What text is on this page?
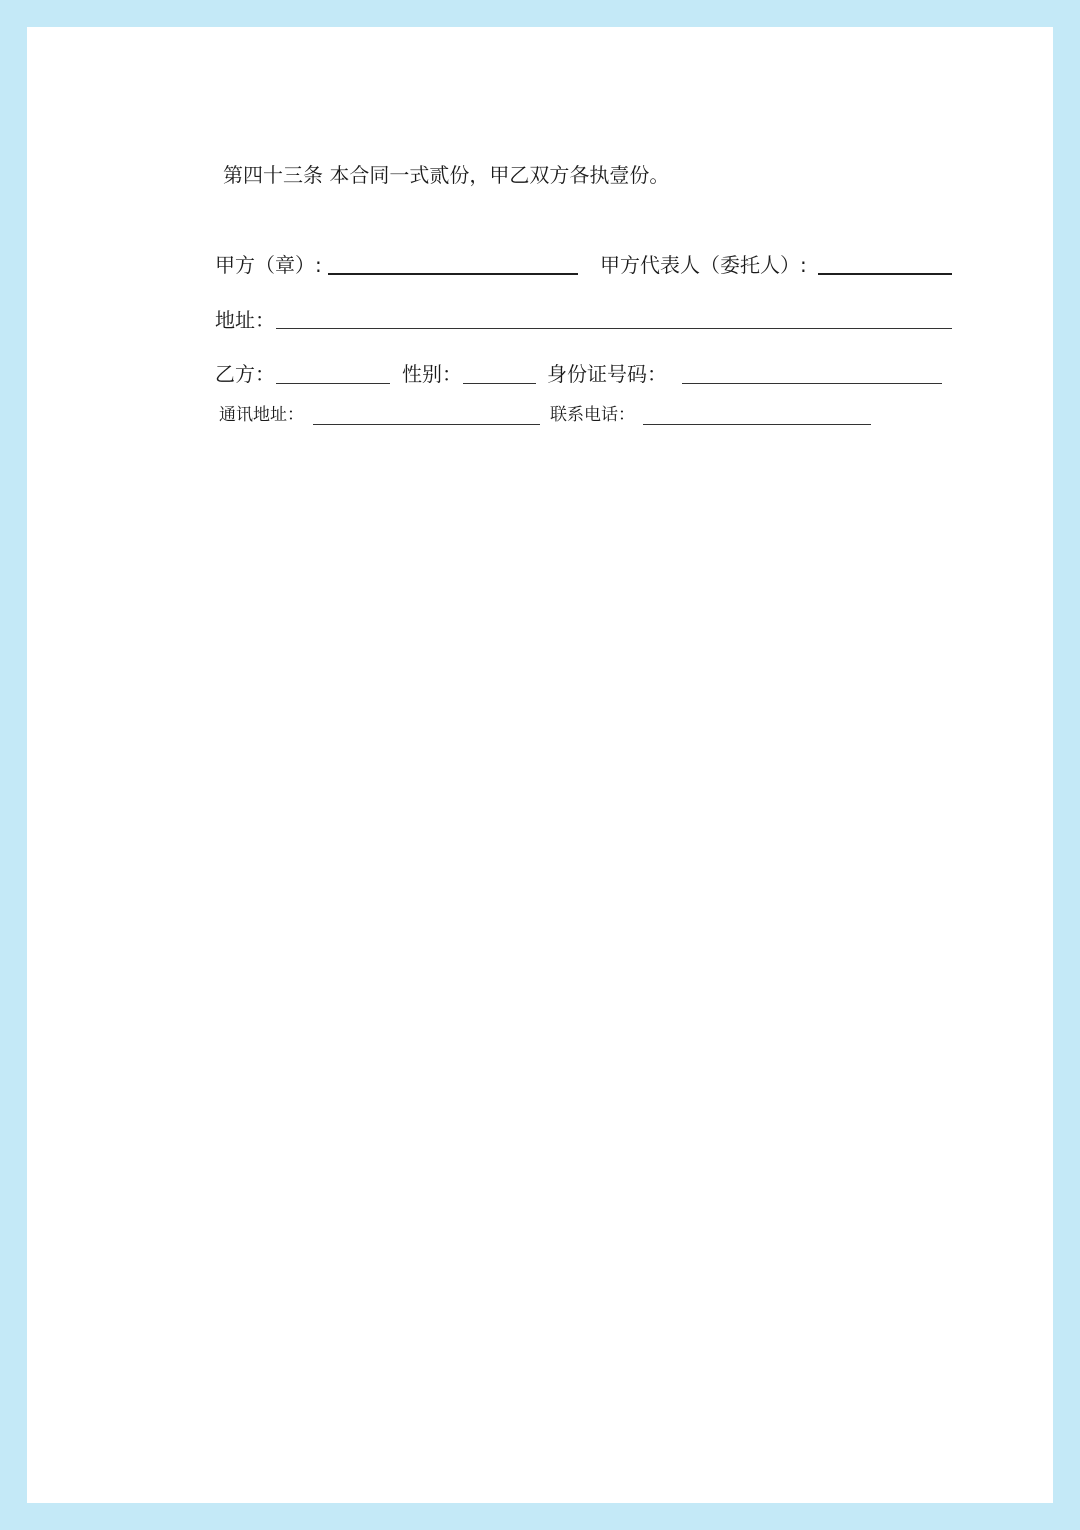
第四十三条 本合同一式贰份，甲乙双方各执壹份。
甲方（章）:	甲方代表人（委托人）:
地址：
乙方：	性别：	身份证号码：
通讯地址：	联系电话：
